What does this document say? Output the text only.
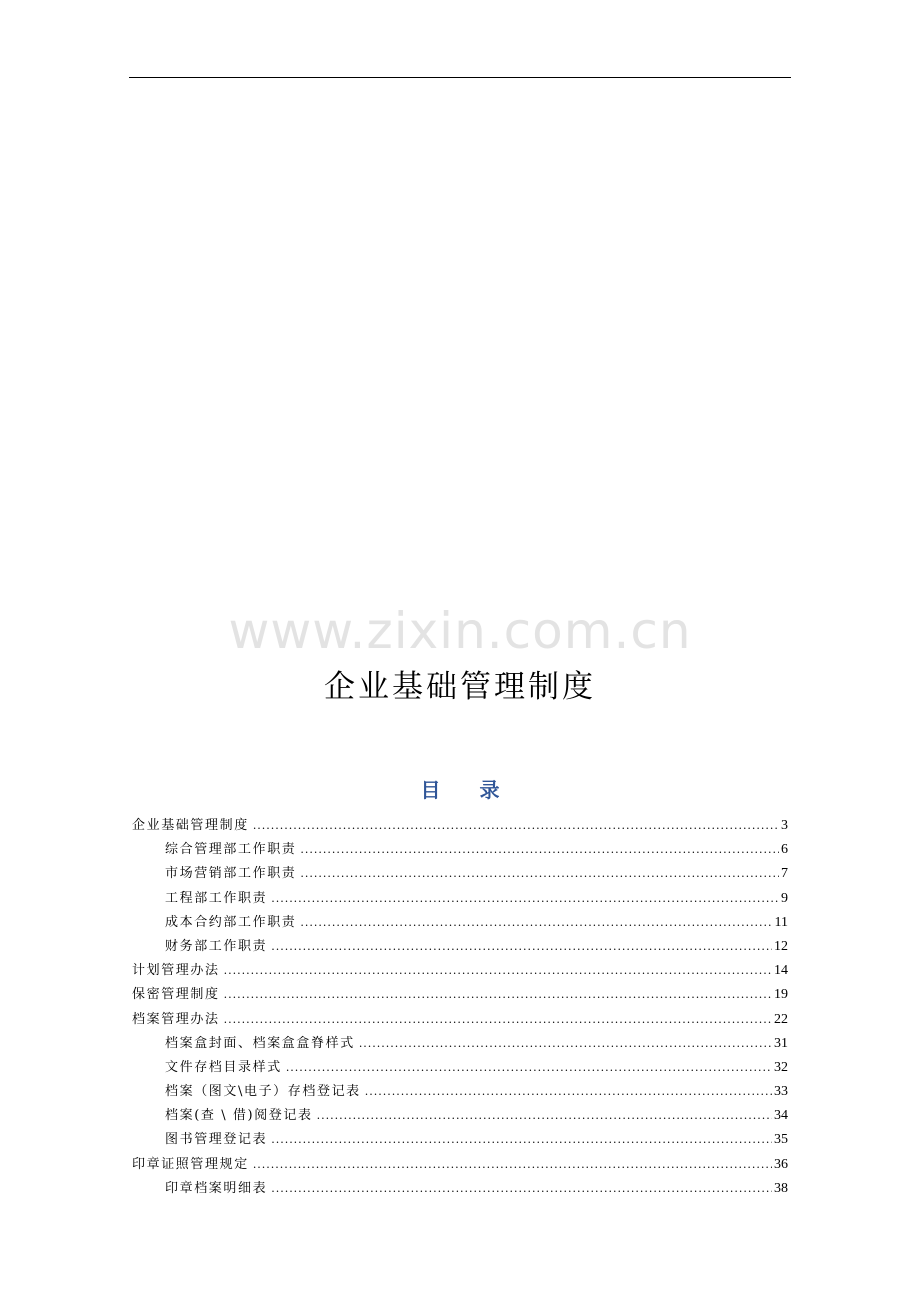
www.zixin.com.cn
企业基础管理制度
目 录
企业基础管理制度 .....	3
综合管理部工作职责 .....	6
市场营销部工作职责 .....	7
工程部工作职责 .....	9
成本合约部工作职责 .....	11
财务部工作职责 .....	12
计划管理办法 .....	14
保密管理制度 .....	19
档案管理办法 .....	22
档案盒封面、档案盒盒脊样式 .....	31
文件存档目录样式 .....	32
档案（图文\电子）存档登记表 .....	33
档案(查 \ 借)阅登记表 .....	34
图书管理登记表 .....	35
印章证照管理规定 .....	36
印章档案明细表 .....	38
